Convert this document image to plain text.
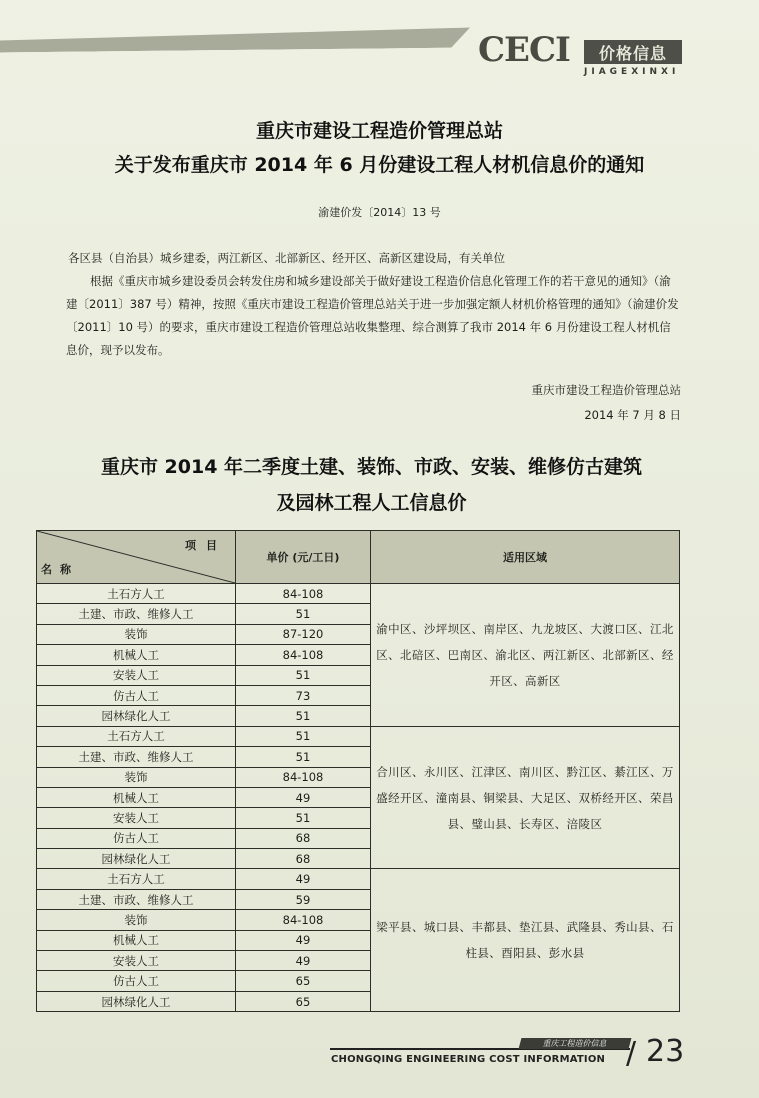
CECI	价格信息
JIAGEXINXI
重庆市建设工程造价管理总站
关于发布重庆市 2014 年 6 月份建设工程人材机信息价的通知
渝建价发〔2014〕13 号
各区县（自治县）城乡建委，两江新区、北部新区、经开区、高新区建设局，有关单位
根据《重庆市城乡建设委员会转发住房和城乡建设部关于做好建设工程造价信息化管理工作的若干意见的通知》（渝建〔2011〕387 号）精神，按照《重庆市建设工程造价管理总站关于进一步加强定额人材机价格管理的通知》（渝建价发〔2011〕10 号）的要求，重庆市建设工程造价管理总站收集整理、综合测算了我市 2014 年 6 月份建设工程人材机信息价，现予以发布。
重庆市建设工程造价管理总站
2014 年 7 月 8 日
重庆市 2014 年二季度土建、装饰、市政、安装、维修仿古建筑
及园林工程人工信息价
项目
名称	单价 (元/工日)	适用区域
土石方人工	84-108	渝中区、沙坪坝区、南岸区、九龙坡区、大渡口区、江北区、北碚区、巴南区、渝北区、两江新区、北部新区、经开区、高新区
土建、市政、维修人工	51	
装饰	87-120	
机械人工	84-108	
安装人工	51	
仿古人工	73	
园林绿化人工	51	
土石方人工	51	合川区、永川区、江津区、南川区、黔江区、綦江区、万盛经开区、潼南县、铜梁县、大足区、双桥经开区、荣昌县、璧山县、长寿区、涪陵区
土建、市政、维修人工	51	
装饰	84-108	
机械人工	49	
安装人工	51	
仿古人工	68	
园林绿化人工	68	
土石方人工	49	梁平县、城口县、丰都县、垫江县、武隆县、秀山县、石柱县、酉阳县、彭水县
土建、市政、维修人工	59	
装饰	84-108	
机械人工	49	
安装人工	49	
仿古人工	65	
园林绿化人工	65	
重庆工程造价信息
CHONGQING ENGINEERING COST INFORMATION / 23
